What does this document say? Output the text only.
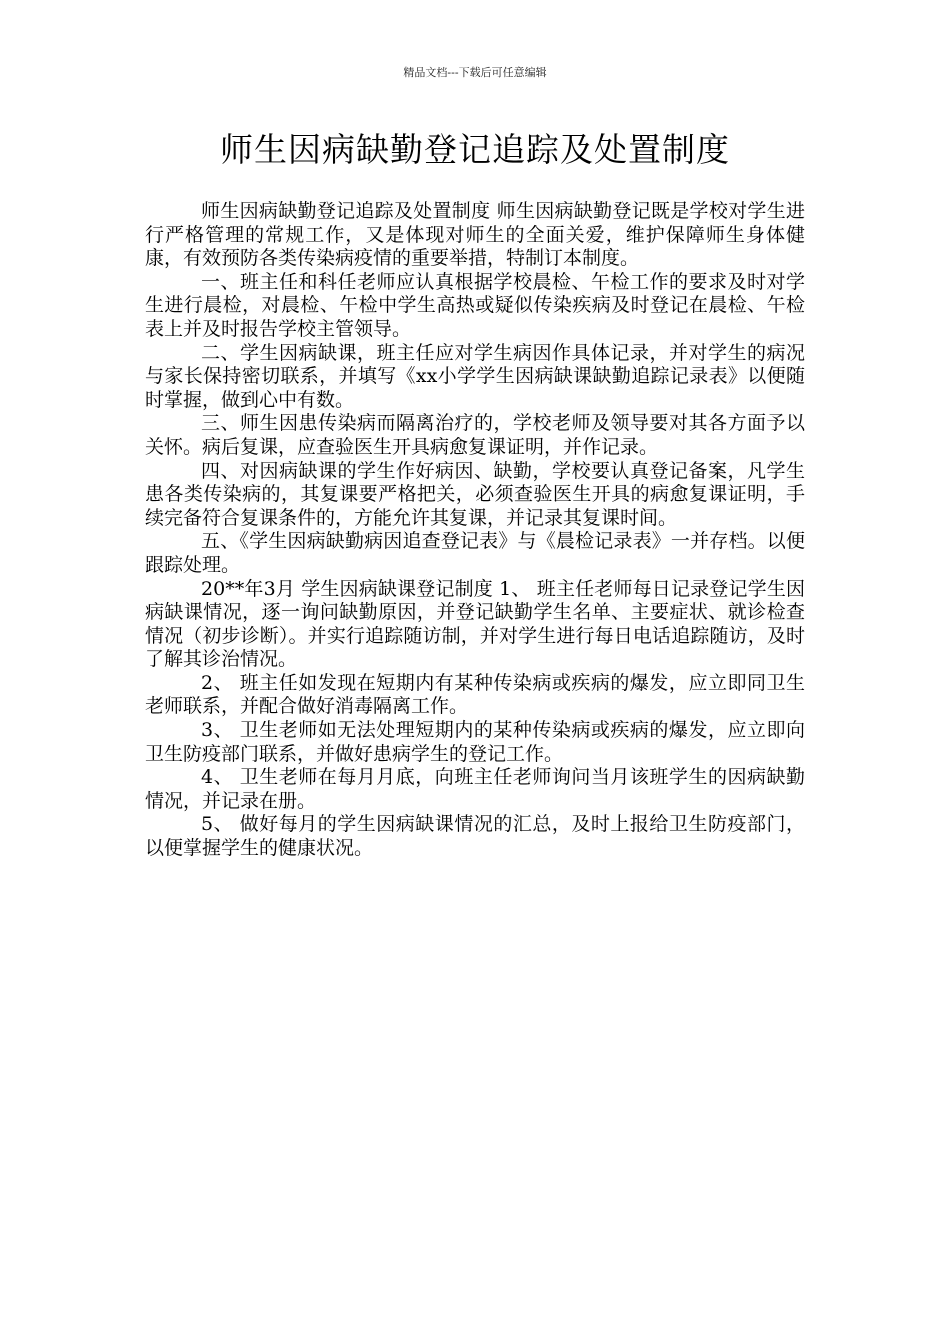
精品文档---下载后可任意编辑
师生因病缺勤登记追踪及处置制度

师生因病缺勤登记追踪及处置制度 师生因病缺勤登记既是学校对学生进行严格管理的常规工作，又是体现对师生的全面关爱，维护保障师生身体健康，有效预防各类传染病疫情的重要举措，特制订本制度。

一、班主任和科任老师应认真根据学校晨检、午检工作的要求及时对学生进行晨检，对晨检、午检中学生高热或疑似传染疾病及时登记在晨检、午检表上并及时报告学校主管领导。

二、学生因病缺课，班主任应对学生病因作具体记录，并对学生的病况与家长保持密切联系，并填写《xx小学学生因病缺课缺勤追踪记录表》以便随时掌握，做到心中有数。

三、师生因患传染病而隔离治疗的，学校老师及领导要对其各方面予以关怀。病后复课，应查验医生开具病愈复课证明，并作记录。

四、对因病缺课的学生作好病因、缺勤，学校要认真登记备案，凡学生患各类传染病的，其复课要严格把关，必须查验医生开具的病愈复课证明，手续完备符合复课条件的，方能允许其复课，并记录其复课时间。

五、《学生因病缺勤病因追查登记表》与《晨检记录表》一并存档。以便跟踪处理。

20**年3月 学生因病缺课登记制度 1、 班主任老师每日记录登记学生因病缺课情况，逐一询问缺勤原因，并登记缺勤学生名单、主要症状、就诊检查情况（初步诊断）。并实行追踪随访制，并对学生进行每日电话追踪随访，及时了解其诊治情况。

2、 班主任如发现在短期内有某种传染病或疾病的爆发，应立即同卫生老师联系，并配合做好消毒隔离工作。

3、 卫生老师如无法处理短期内的某种传染病或疾病的爆发，应立即向卫生防疫部门联系，并做好患病学生的登记工作。

4、 卫生老师在每月月底，向班主任老师询问当月该班学生的因病缺勤情况，并记录在册。

5、 做好每月的学生因病缺课情况的汇总，及时上报给卫生防疫部门，以便掌握学生的健康状况。
